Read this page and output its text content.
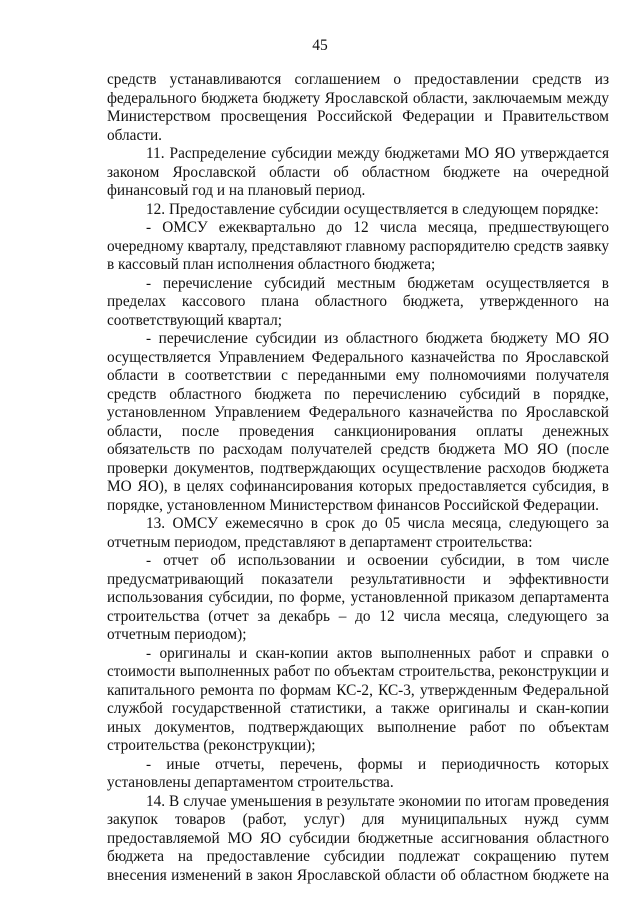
45

средств устанавливаются соглашением о предоставлении средств из федерального бюджета бюджету Ярославской области, заключаемым между Министерством просвещения Российской Федерации и Правительством области.

11. Распределение субсидии между бюджетами МО ЯО утверждается законом Ярославской области об областном бюджете на очередной финансовый год и на плановый период.

12. Предоставление субсидии осуществляется в следующем порядке:

- ОМСУ ежеквартально до 12 числа месяца, предшествующего очередному кварталу, представляют главному распорядителю средств заявку в кассовый план исполнения областного бюджета;

- перечисление субсидий местным бюджетам осуществляется в пределах кассового плана областного бюджета, утвержденного на соответствующий квартал;

- перечисление субсидии из областного бюджета бюджету МО ЯО осуществляется Управлением Федерального казначейства по Ярославской области в соответствии с переданными ему полномочиями получателя средств областного бюджета по перечислению субсидий в порядке, установленном Управлением Федерального казначейства по Ярославской области, после проведения санкционирования оплаты денежных обязательств по расходам получателей средств бюджета МО ЯО (после проверки документов, подтверждающих осуществление расходов бюджета МО ЯО), в целях софинансирования которых предоставляется субсидия, в порядке, установленном Министерством финансов Российской Федерации.

13. ОМСУ ежемесячно в срок до 05 числа месяца, следующего за отчетным периодом, представляют в департамент строительства:

- отчет об использовании и освоении субсидии, в том числе предусматривающий показатели результативности и эффективности использования субсидии, по форме, установленной приказом департамента строительства (отчет за декабрь – до 12 числа месяца, следующего за отчетным периодом);

- оригиналы и скан-копии актов выполненных работ и справки о стоимости выполненных работ по объектам строительства, реконструкции и капитального ремонта по формам КС-2, КС-3, утвержденным Федеральной службой государственной статистики, а также оригиналы и скан-копии иных документов, подтверждающих выполнение работ по объектам строительства (реконструкции);

- иные отчеты, перечень, формы и периодичность которых установлены департаментом строительства.

14. В случае уменьшения в результате экономии по итогам проведения закупок товаров (работ, услуг) для муниципальных нужд сумм предоставляемой МО ЯО субсидии бюджетные ассигнования областного бюджета на предоставление субсидии подлежат сокращению путем внесения изменений в закон Ярославской области об областном бюджете на
